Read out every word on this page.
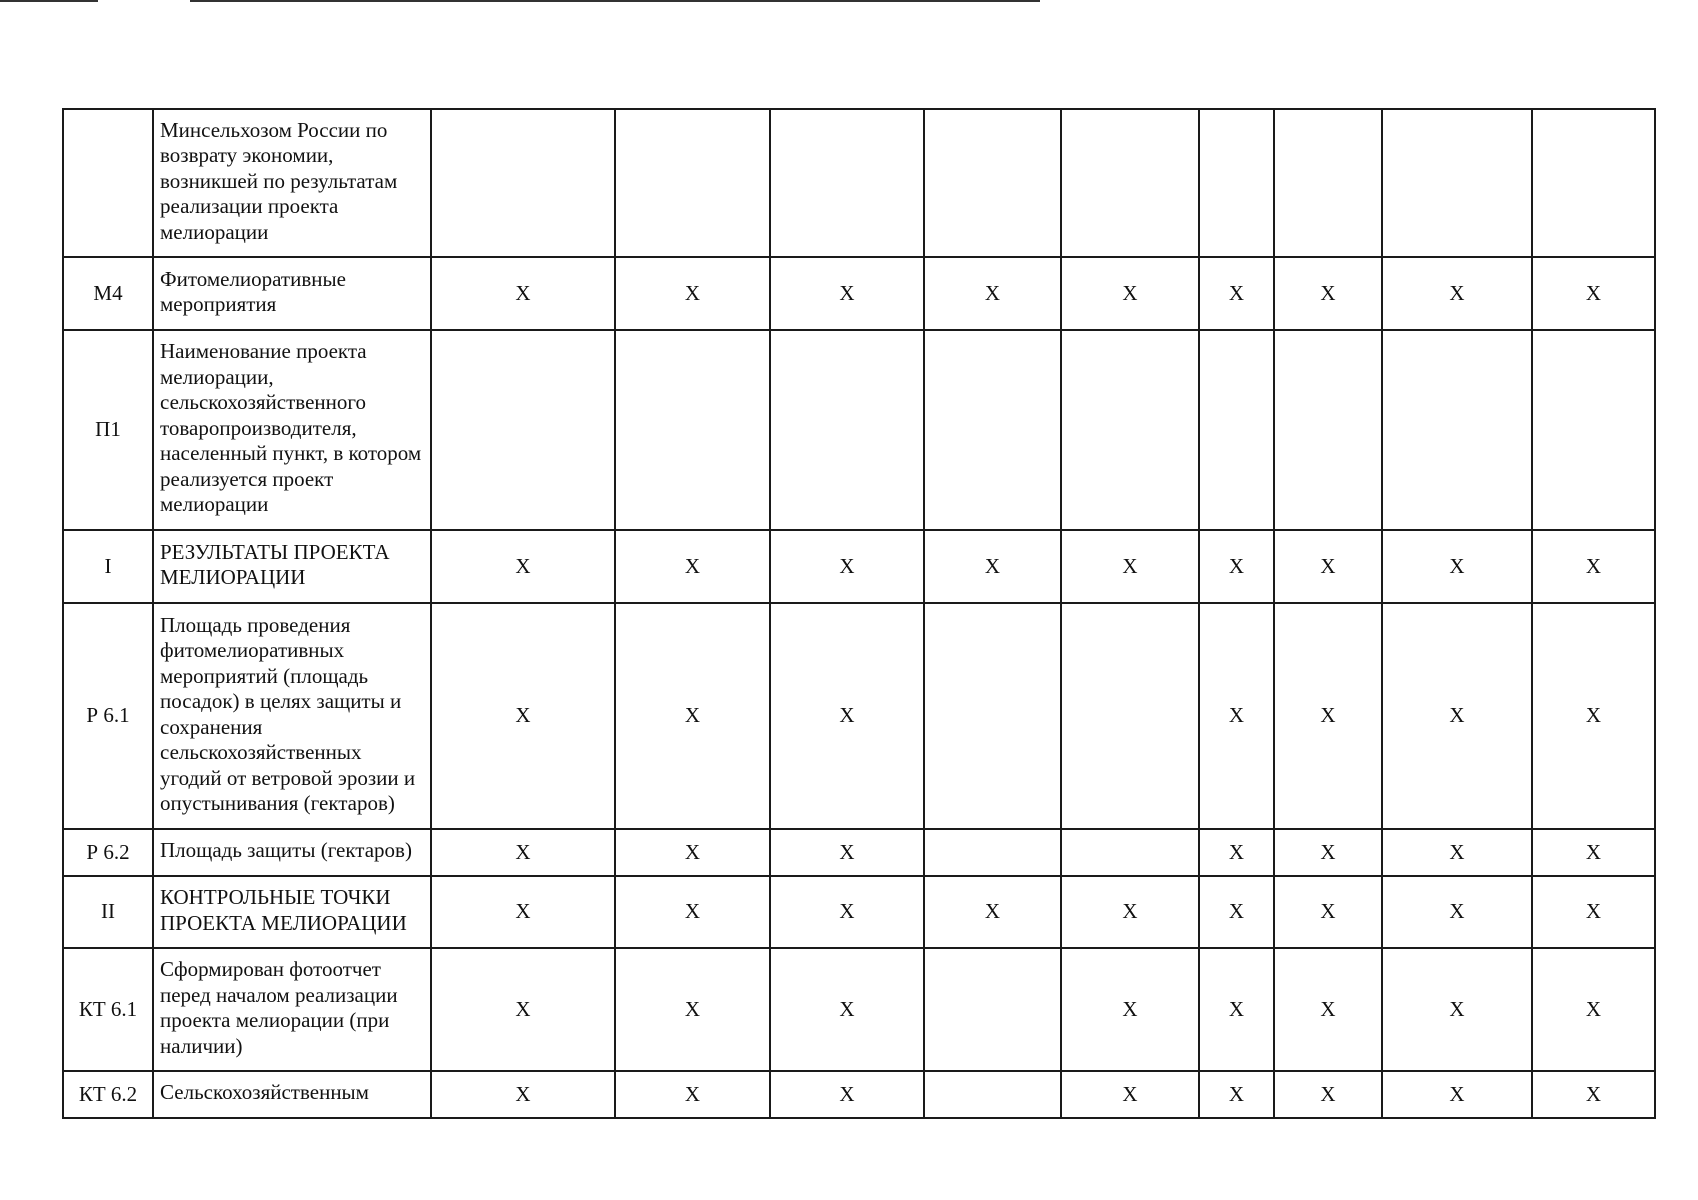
	Минсельхозом России по возврату экономии, возникшей по результатам реализации проекта мелиорации									
М4	Фитомелиоративные мероприятия	X	X	X	X	X	X	X	X	X
П1	Наименование проекта мелиорации, сельскохозяйственного товаропроизводителя, населенный пункт, в котором реализуется проект мелиорации									
I	РЕЗУЛЬТАТЫ ПРОЕКТА МЕЛИОРАЦИИ	X	X	X	X	X	X	X	X	X
Р 6.1	Площадь проведения фитомелиоративных мероприятий (площадь посадок) в целях защиты и сохранения сельскохозяйственных угодий от ветровой эрозии и опустынивания (гектаров)	X	X	X			X	X	X	X
Р 6.2	Площадь защиты (гектаров)	X	X	X			X	X	X	X
II	КОНТРОЛЬНЫЕ ТОЧКИ ПРОЕКТА МЕЛИОРАЦИИ	X	X	X	X	X	X	X	X	X
КТ 6.1	Сформирован фотоотчет перед началом реализации проекта мелиорации (при наличии)	X	X	X		X	X	X	X	X
КТ 6.2	Сельскохозяйственным	X	X	X		X	X	X	X	X
